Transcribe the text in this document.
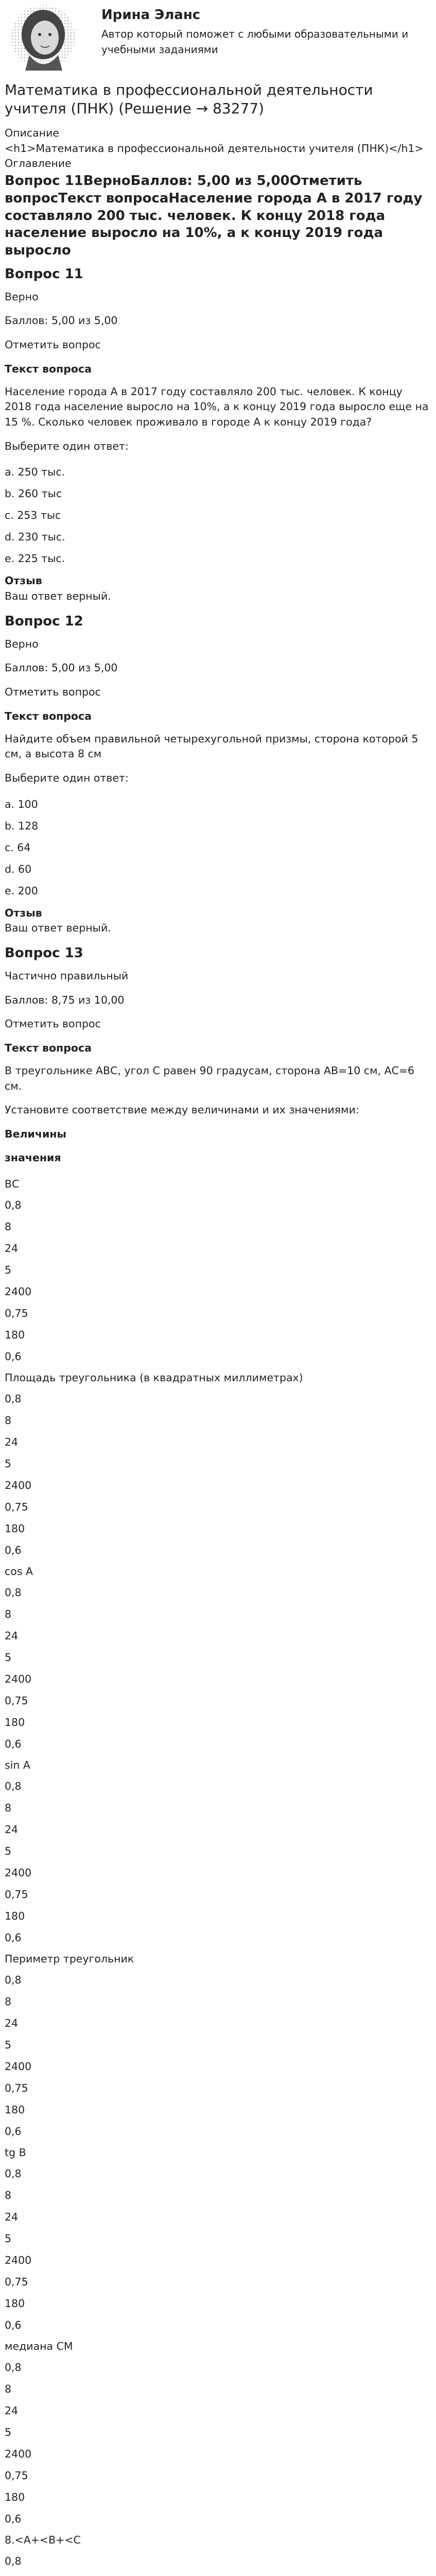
Ирина Эланс
Автор который поможет с любыми образовательными и учебными заданиями
Математика в профессиональной деятельности учителя (ПНК) (Решение → 83277)

Описание

<h1>Математика в профессиональной деятельности учителя (ПНК)</h1>

Оглавление

Вопрос 11ВерноБаллов: 5,00 из 5,00Отметить вопросТекст вопросаНаселение города А в 2017 году составляло 200 тыс. человек. К концу 2018 года население выросло на 10%, а к концу 2019 года выросло
Вопрос 11

Верно

Баллов: 5,00 из 5,00

Отметить вопрос

Текст вопроса

Население города А в 2017 году составляло 200 тыс. человек. К концу 2018 года население выросло на 10%, а к концу 2019 года выросло еще на 15 %. Сколько человек проживало в городе А к концу 2019 года?

Выберите один ответ:

a. 250 тыс.

b. 260 тыс

c. 253 тыс

d. 230 тыс.

e. 225 тыс.

Отзыв

Ваш ответ верный.

Вопрос 12

Верно

Баллов: 5,00 из 5,00

Отметить вопрос

Текст вопроса

Найдите объем правильной четырехугольной призмы, сторона которой 5 см, а высота 8 см

Выберите один ответ:

a. 100

b. 128

c. 64

d. 60

e. 200

Отзыв

Ваш ответ верный.

Вопрос 13

Частично правильный

Баллов: 8,75 из 10,00

Отметить вопрос

Текст вопроса

В треугольнике АВС, угол С равен 90 градусам, сторона АВ=10 см, АС=6 см.

Установите соответствие между величинами и их значениями:

Величины

значения

ВС

0,8

8

24

5

2400

0,75

180

0,6

Площадь треугольника (в квадратных миллиметрах)

0,8

8

24

5

2400

0,75

180

0,6

cos A

0,8

8

24

5

2400

0,75

180

0,6

sin A

0,8

8

24

5

2400

0,75

180

0,6

Периметр треугольник

0,8

8

24

5

2400

0,75

180

0,6

tg B

0,8

8

24

5

2400

0,75

180

0,6

медиана СМ

0,8

8

24

5

2400

0,75

180

0,6

8.<A+<B+<C

0,8
